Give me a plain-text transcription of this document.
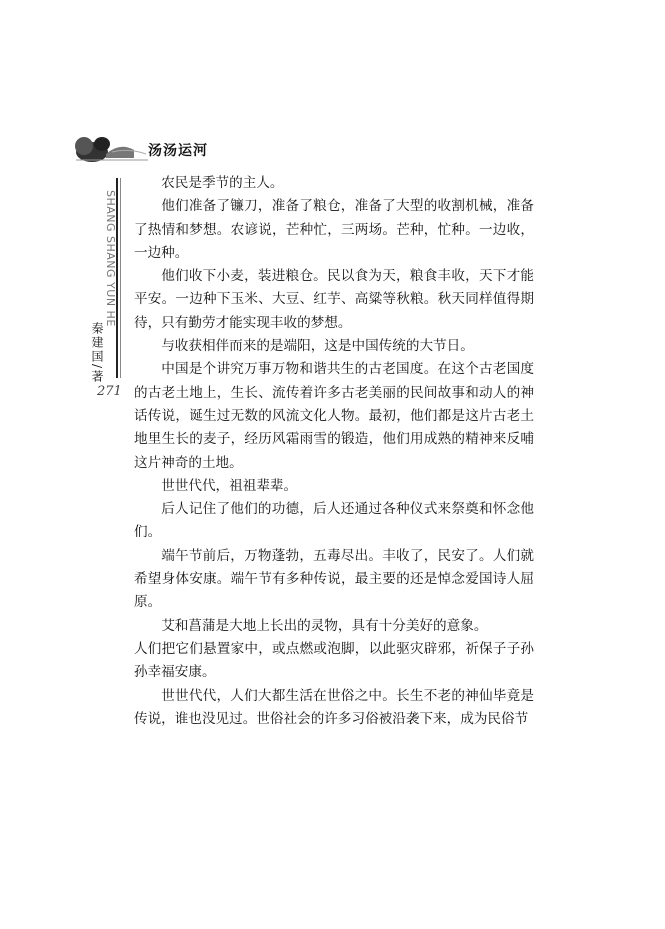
汤汤运河
SHANG SHANG YUN HE
秦建国/著
271

农民是季节的主人。

他们准备了镰刀，准备了粮仓，准备了大型的收割机械，准备了热情和梦想。农谚说，芒种忙，三两场。芒种，忙种。一边收，一边种。

他们收下小麦，装进粮仓。民以食为天，粮食丰收，天下才能平安。一边种下玉米、大豆、红芋、高粱等秋粮。秋天同样值得期待，只有勤劳才能实现丰收的梦想。

与收获相伴而来的是端阳，这是中国传统的大节日。

中国是个讲究万事万物和谐共生的古老国度。在这个古老国度的古老土地上，生长、流传着许多古老美丽的民间故事和动人的神话传说，诞生过无数的风流文化人物。最初，他们都是这片古老土地里生长的麦子，经历风霜雨雪的锻造，他们用成熟的精神来反哺这片神奇的土地。

世世代代，祖祖辈辈。

后人记住了他们的功德，后人还通过各种仪式来祭奠和怀念他们。

端午节前后，万物蓬勃，五毒尽出。丰收了，民安了。人们就希望身体安康。端午节有多种传说，最主要的还是悼念爱国诗人屈原。

艾和菖蒲是大地上长出的灵物，具有十分美好的意象。

人们把它们悬置家中，或点燃或泡脚，以此驱灾辟邪，祈保子子孙孙幸福安康。

世世代代，人们大都生活在世俗之中。长生不老的神仙毕竟是传说，谁也没见过。世俗社会的许多习俗被沿袭下来，成为民俗节
